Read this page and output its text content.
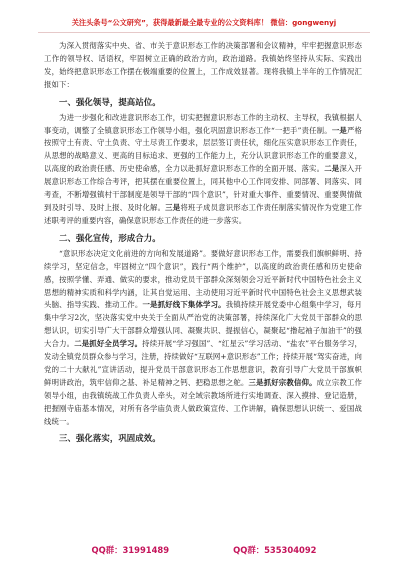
关注头条号“公文研究”，获得最新最全最专业的公文资料库！ 微信：gongwenyj

为深入贯彻落实中央、省、市关于意识形态工作的决策部署和会议精神，牢牢把握意识形态工作的领导权、话语权，牢固树立正确的政治方向，政治道路。我镇始终坚持从实际、实践出发，始终把意识形态工作摆在极端重要的位置上，工作成效显著。现将我镇上半年的工作情况汇报如下：

一、强化领导，提高站位。

为进一步强化和改进意识形态工作，切实把握意识形态工作的主动权、主导权，我镇根据人事变动，调整了全镇意识形态工作领导小组，强化巩固意识形态工作“一把手”责任制。一是严格按照守土有责、守土负责、守土尽责工作要求，层层签订责任状，细化压实意识形态工作责任，从思想的战略意义、更高的目标追求、更强的工作能力上，充分认识意识形态工作的重要意义，以高度的政治责任感、历史使命感，全力以赴抓好意识形态工作的全面开展、落实。二是深入开展意识形态工作综合考评，把其摆在重要位置上，同其他中心工作同安排、同部署、同落实、同考查，不断增强镇村干部制度是领导干部的“四个意识”，针对重大事件、重要情况、重要舆情做到及时引导、及时上报、及时化解。三是将班子成员意识形态工作责任制落实情况作为党建工作述职考评的重要内容，确保意识形态工作责任的进一步落实。

二、强化宣传，形成合力。

“意识形态决定文化前进的方向和发展道路”。要做好意识形态工作，需要我们旗帜鲜明、持续学习，坚定信念，牢固树立“四个意识”，践行“两个维护”，以高度的政治责任感和历史使命感，按照学懂、弄通、做实的要求，推动党员干部群众深刻领会习近平新时代中国特色社会主义思想的精神实质和科学内涵，让其自觉运用、主动使用习近平新时代中国特色社会主义思想武装头脑、指导实践、推动工作。一是抓好线下集体学习。我镇持续开展党委中心组集中学习，每月集中学习2次，坚决落实党中央关于全面从严治党的决策部署，持续深化广大党员干部群众的思想认识，切实引导广大干部群众增强认同、凝聚共识、提振信心，凝聚起“撸起袖子加油干”的强大合力。二是抓好全员学习。持续开展“学习强国”、“红星云”学习活动、“盐农”平台服务学习，发动全镇党员群众参与学习，注册，持续做好“互联网+意识形态”工作；持续开展“驾实奋进，向党的二十大献礼”宣讲活动，提升党员干部意识形态工作思想意识，教育引导广大党员干部旗帜鲜明讲政治，筑牢信仰之基、补足精神之钙、把稳思想之舵。三是抓好宗教信仰。成立宗教工作领导小组，由我镇统战工作负责人牵头，对全域宗教场所进行实地调查、深入摸排、登记造册，把握刚寺庙基本情况，对所有各学庙负责人做政策宣传、工作讲解，确保思想认识统一、爱国战线统一。

三、强化落实，巩固成效。
QQ群：31991489	QQ群：535304092
